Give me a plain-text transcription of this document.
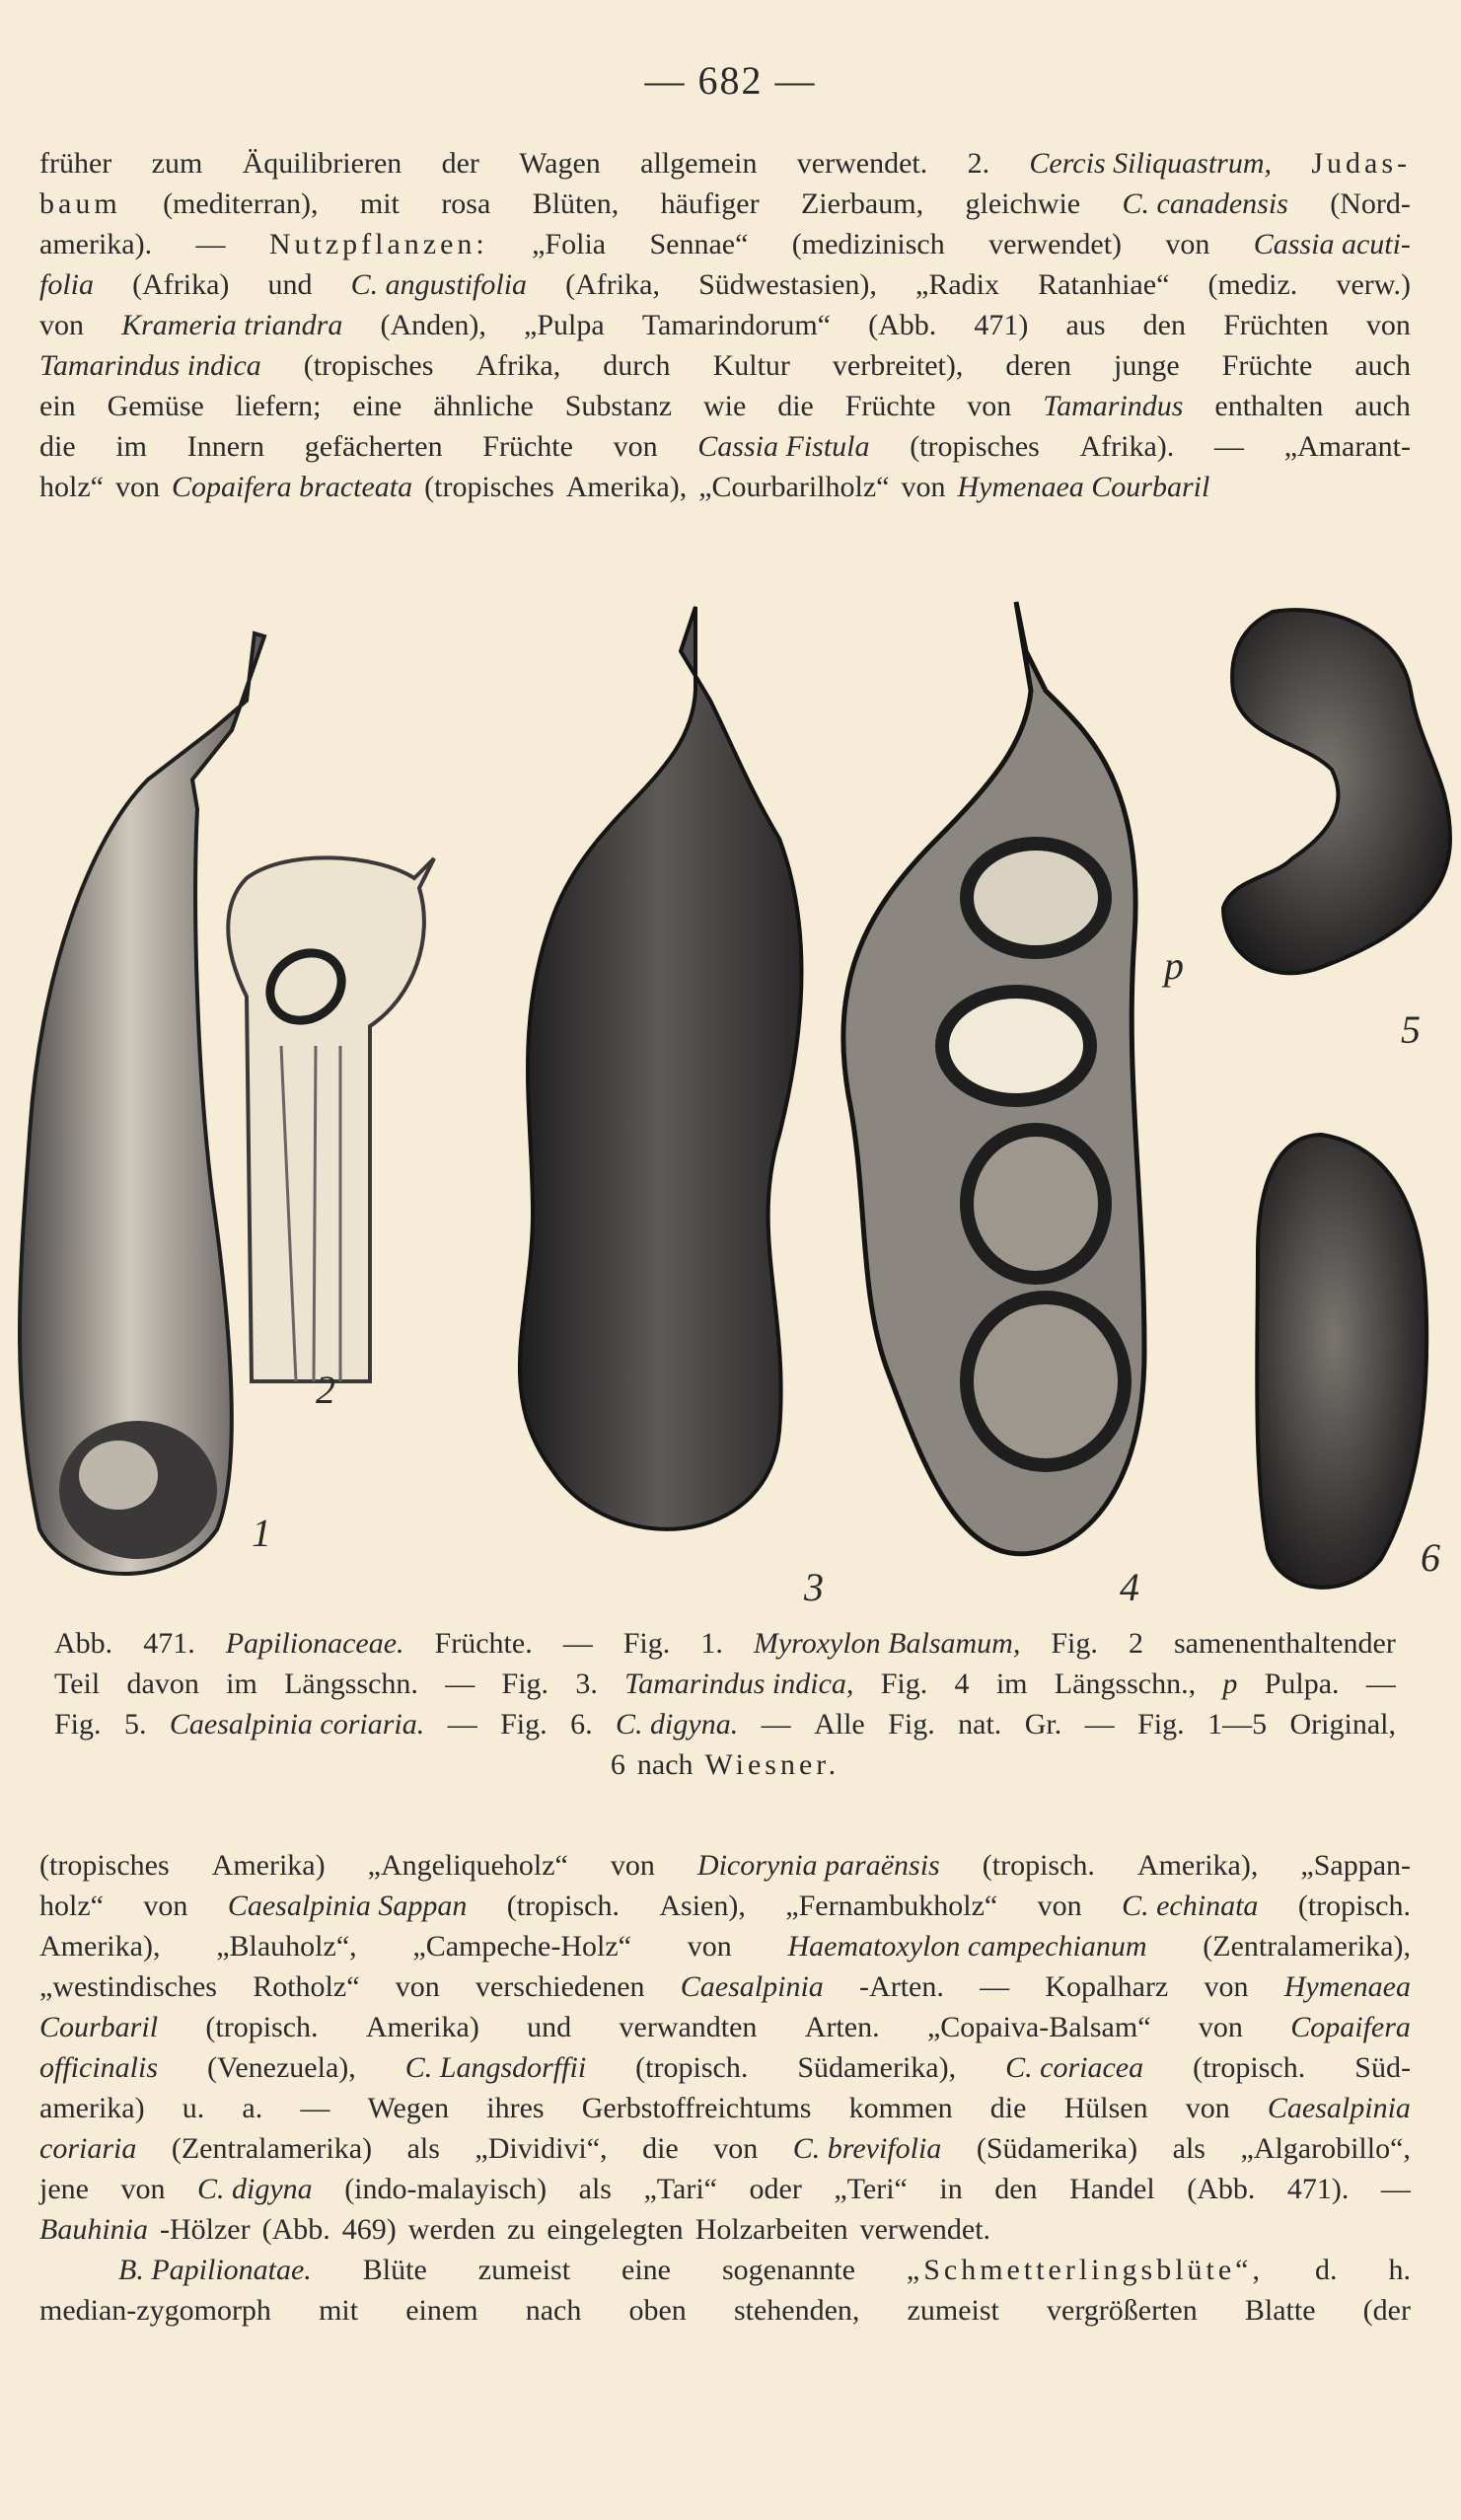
— 682 —
früher zum Äquilibrieren der Wagen allgemein verwendet. 2. Cercis Siliquastrum, Judas-
baum (mediterran), mit rosa Blüten, häufiger Zierbaum, gleichwie C. canadensis (Nord-
amerika). — Nutzpflanzen: „Folia Sennae“ (medizinisch verwendet) von Cassia acuti-
folia (Afrika) und C. angustifolia (Afrika, Südwestasien), „Radix Ratanhiae“ (mediz. verw.)
von Krameria triandra (Anden), „Pulpa Tamarindorum“ (Abb. 471) aus den Früchten von
Tamarindus indica (tropisches Afrika, durch Kultur verbreitet), deren junge Früchte auch
ein Gemüse liefern; eine ähnliche Substanz wie die Früchte von Tamarindus enthalten auch
die im Innern gefächerten Früchte von Cassia Fistula (tropisches Afrika). — „Amarant-
holz“ von Copaifera bracteata (tropisches Amerika), „Courbarilholz“ von Hymenaea Courbaril
1
2
3	4
5
6
p
Abb. 471. Papilionaceae. Früchte. — Fig. 1. Myroxylon Balsamum, Fig. 2 samenenthaltender
Teil davon im Längsschn. — Fig. 3. Tamarindus indica, Fig. 4 im Längsschn., p Pulpa. —
Fig. 5. Caesalpinia coriaria. — Fig. 6. C. digyna. — Alle Fig. nat. Gr. — Fig. 1—5 Original,
6 nach Wiesner.
(tropisches Amerika) „Angeliqueholz“ von Dicorynia paraënsis (tropisch. Amerika), „Sappan-
holz“ von Caesalpinia Sappan (tropisch. Asien), „Fernambukholz“ von C. echinata (tropisch.
Amerika), „Blauholz“, „Campeche-Holz“ von Haematoxylon campechianum (Zentralamerika),
„westindisches Rotholz“ von verschiedenen Caesalpinia -Arten. — Kopalharz von Hymenaea
Courbaril (tropisch. Amerika) und verwandten Arten. „Copaiva-Balsam“ von Copaifera
officinalis (Venezuela), C. Langsdorffii (tropisch. Südamerika), C. coriacea (tropisch. Süd-
amerika) u. a. — Wegen ihres Gerbstoffreichtums kommen die Hülsen von Caesalpinia
coriaria (Zentralamerika) als „Dividivi“, die von C. brevifolia (Südamerika) als „Algarobillo“,
jene von C. digyna (indo-malayisch) als „Tari“ oder „Teri“ in den Handel (Abb. 471). —
Bauhinia -Hölzer (Abb. 469) werden zu eingelegten Holzarbeiten verwendet.
B. Papilionatae. Blüte zumeist eine sogenannte „Schmetterlingsblüte“, d. h.
median-zygomorph mit einem nach oben stehenden, zumeist vergrößerten Blatte (der
